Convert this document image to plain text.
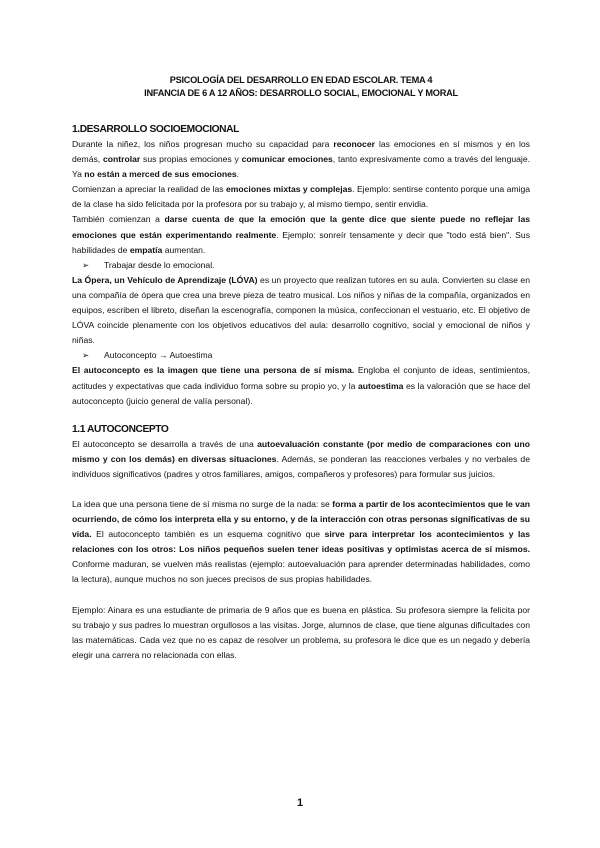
PSICOLOGÍA DEL DESARROLLO EN EDAD ESCOLAR. TEMA 4
INFANCIA DE 6 A 12 AÑOS: DESARROLLO SOCIAL, EMOCIONAL Y MORAL
1.DESARROLLO SOCIOEMOCIONAL

Durante la niñez, los niños progresan mucho su capacidad para reconocer las emociones en sí mismos y en los demás, controlar sus propias emociones y comunicar emociones, tanto expresivamente como a través del lenguaje. Ya no están a merced de sus emociones.

Comienzan a apreciar la realidad de las emociones mixtas y complejas. Ejemplo: sentirse contento porque una amiga de la clase ha sido felicitada por la profesora por su trabajo y, al mismo tiempo, sentir envidia.

También comienzan a darse cuenta de que la emoción que la gente dice que siente puede no reflejar las emociones que están experimentando realmente. Ejemplo: sonreír tensamente y decir que "todo está bien". Sus habilidades de empatía aumentan.

➢ Trabajar desde lo emocional.

La Ópera, un Vehículo de Aprendizaje (LÓVA) es un proyecto que realizan tutores en su aula. Convierten su clase en una compañía de ópera que crea una breve pieza de teatro musical. Los niños y niñas de la compañía, organizados en equipos, escriben el libreto, diseñan la escenografía, componen la música, confeccionan el vestuario, etc. El objetivo de LÓVA coincide plenamente con los objetivos educativos del aula: desarrollo cognitivo, social y emocional de niños y niñas.

➢ Autoconcepto → Autoestima

El autoconcepto es la imagen que tiene una persona de sí misma. Engloba el conjunto de ideas, sentimientos, actitudes y expectativas que cada individuo forma sobre su propio yo, y la autoestima es la valoración que se hace del autoconcepto (juicio general de valía personal).

1.1 AUTOCONCEPTO

El autoconcepto se desarrolla a través de una autoevaluación constante (por medio de comparaciones con uno mismo y con los demás) en diversas situaciones. Además, se ponderan las reacciones verbales y no verbales de individuos significativos (padres y otros familiares, amigos, compañeros y profesores) para formular sus juicios.

La idea que una persona tiene de sí misma no surge de la nada: se forma a partir de los acontecimientos que le van ocurriendo, de cómo los interpreta ella y su entorno, y de la interacción con otras personas significativas de su vida. El autoconcepto también es un esquema cognitivo que sirve para interpretar los acontecimientos y las relaciones con los otros: Los niños pequeños suelen tener ideas positivas y optimistas acerca de sí mismos. Conforme maduran, se vuelven más realistas (ejemplo: autoevaluación para aprender determinadas habilidades, como la lectura), aunque muchos no son jueces precisos de sus propias habilidades.

Ejemplo: Ainara es una estudiante de primaria de 9 años que es buena en plástica. Su profesora siempre la felicita por su trabajo y sus padres lo muestran orgullosos a las visitas. Jorge, alumnos de clase, que tiene algunas dificultades con las matemáticas. Cada vez que no es capaz de resolver un problema, su profesora le dice que es un negado y debería elegir una carrera no relacionada con ellas.

1
